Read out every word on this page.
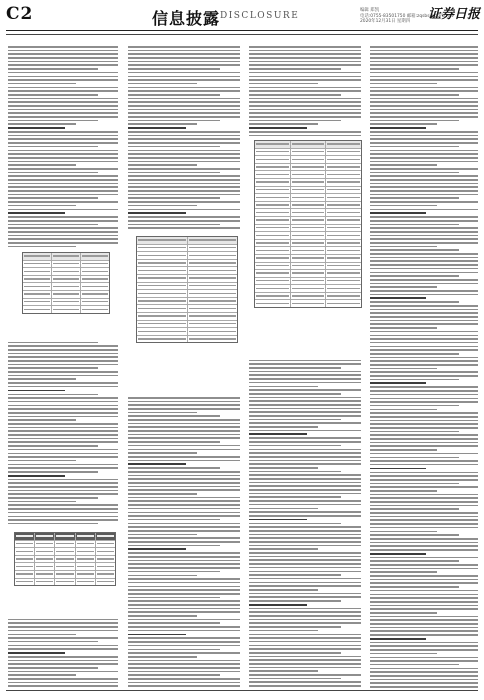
C2	信息披露 DISCLOSURE
编辑 郑凯
电话:0755-83501750 邮箱:zqsbsj@zqrb.net
2020年12月31日 星期四	证券日报
